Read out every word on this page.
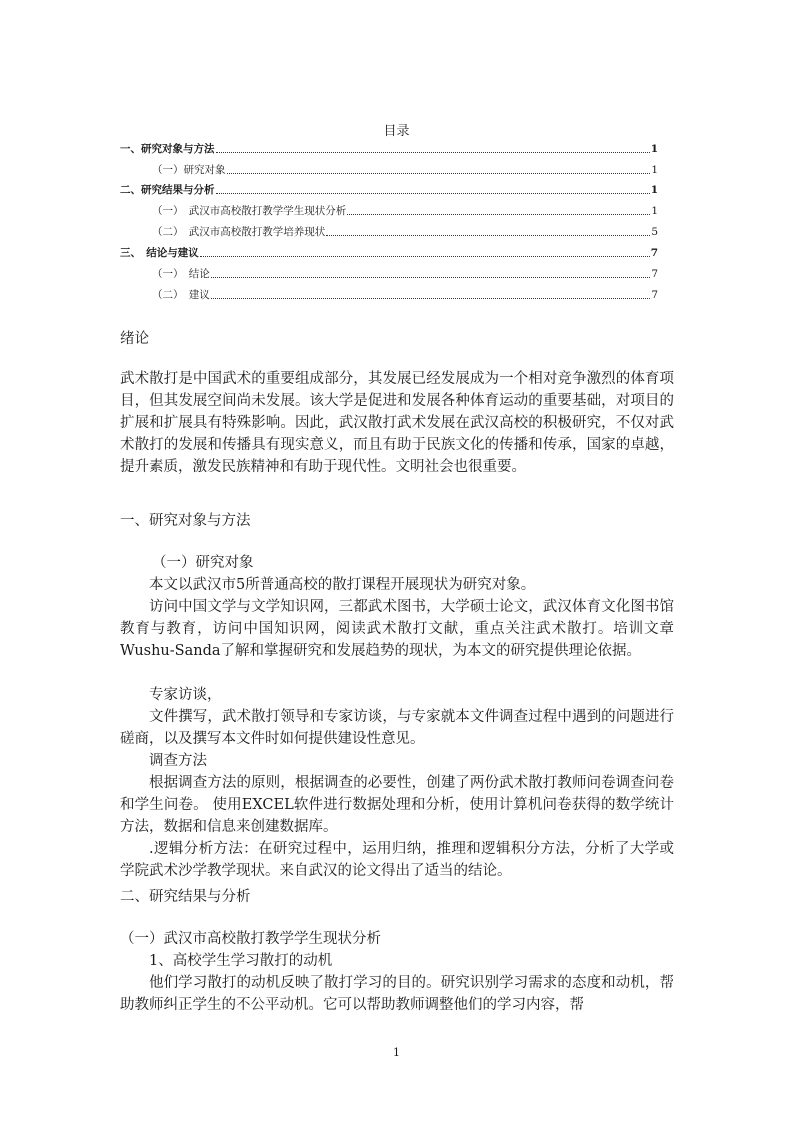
目录
一、研究对象与方法	1
（一）研究对象	1
二、研究结果与分析	1
（一）　武汉市高校散打教学学生现状分析	1
（二）　武汉市高校散打教学培养现状	5
三、　结论与建议	7
（一）　结论	7
（二）　建议	7
绪论
武术散打是中国武术的重要组成部分，其发展已经发展成为一个相对竞争激烈的体育项目，但其发展空间尚未发展。该大学是促进和发展各种体育运动的重要基础，对项目的扩展和扩展具有特殊影响。因此，武汉散打武术发展在武汉高校的积极研究，不仅对武术散打的发展和传播具有现实意义，而且有助于民族文化的传播和传承，国家的卓越，提升素质，激发民族精神和有助于现代性。文明社会也很重要。
一、研究对象与方法
（一）研究对象
本文以武汉市5所普通高校的散打课程开展现状为研究对象。
访问中国文学与文学知识网，三都武术图书，大学硕士论文，武汉体育文化图书馆教育与教育，访问中国知识网，阅读武术散打文献，重点关注武术散打。培训文章Wushu-Sanda了解和掌握研究和发展趋势的现状，为本文的研究提供理论依据。
专家访谈，
文件撰写，武术散打领导和专家访谈，与专家就本文件调查过程中遇到的问题进行磋商，以及撰写本文件时如何提供建设性意见。
调查方法
根据调查方法的原则，根据调查的必要性，创建了两份武术散打教师问卷调查问卷和学生问卷。 使用EXCEL软件进行数据处理和分析，使用计算机问卷获得的数学统计方法，数据和信息来创建数据库。
.逻辑分析方法：在研究过程中，运用归纳，推理和逻辑积分方法，分析了大学或学院武术沙学教学现状。来自武汉的论文得出了适当的结论。
二、研究结果与分析
（一）武汉市高校散打教学学生现状分析
1、高校学生学习散打的动机
他们学习散打的动机反映了散打学习的目的。研究识别学习需求的态度和动机，帮助教师纠正学生的不公平动机。它可以帮助教师调整他们的学习内容，帮
1
